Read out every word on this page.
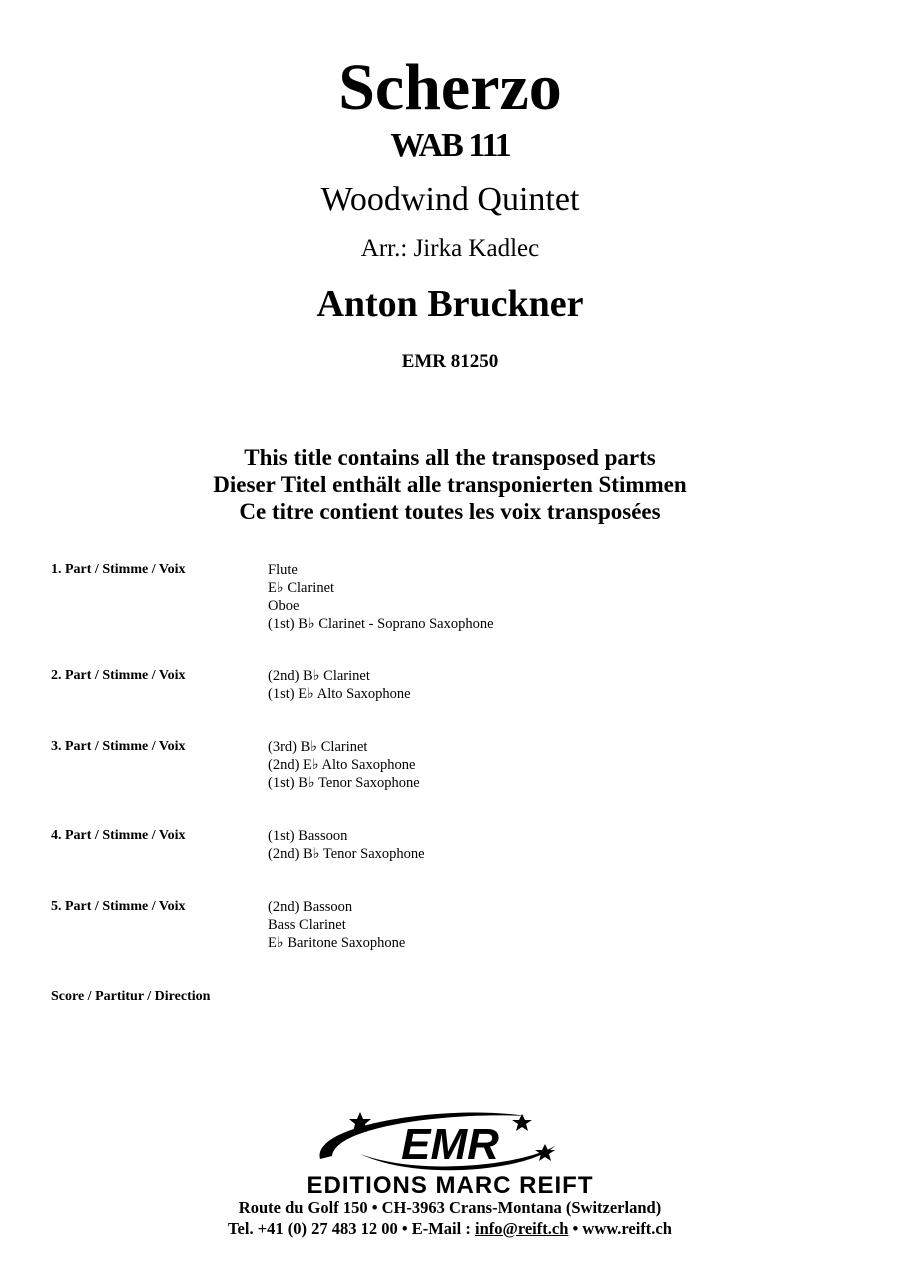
Scherzo
WAB 111
Woodwind Quintet
Arr.: Jirka Kadlec
Anton Bruckner
EMR 81250
This title contains all the transposed parts
Dieser Titel enthält alle transponierten Stimmen
Ce titre contient toutes les voix transposées
1. Part / Stimme / Voix	Flute
E♭ Clarinet
Oboe
(1st) B♭ Clarinet - Soprano Saxophone
2. Part / Stimme / Voix	(2nd) B♭ Clarinet
(1st) E♭ Alto Saxophone
3. Part / Stimme / Voix	(3rd) B♭ Clarinet
(2nd) E♭ Alto Saxophone
(1st) B♭ Tenor Saxophone
4. Part / Stimme / Voix	(1st) Bassoon
(2nd) B♭ Tenor Saxophone
5. Part / Stimme / Voix	(2nd) Bassoon
Bass Clarinet
E♭ Baritone Saxophone
Score / Partitur / Direction
EMR
EDITIONS MARC REIFT
Route du Golf 150 • CH-3963 Crans-Montana (Switzerland)
Tel. +41 (0) 27 483 12 00 • E-Mail : info@reift.ch • www.reift.ch
